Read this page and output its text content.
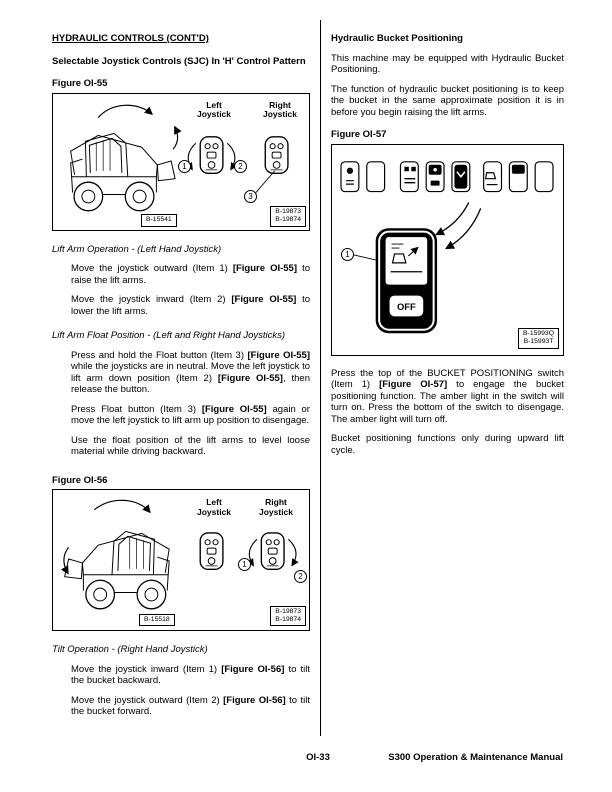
HYDRAULIC CONTROLS (CONT'D)
Selectable Joystick Controls (SJC) In 'H' Control Pattern
Figure OI-55
Left Joystick
Right Joystick
1	2
3
B-15541
B-19873
B-19874

Lift Arm Operation - (Left Hand Joystick)

Move the joystick outward (Item 1) [Figure OI-55] to raise the lift arms.

Move the joystick inward (Item 2) [Figure OI-55] to lower the lift arms.

Lift Arm Float Position - (Left and Right Hand Joysticks)

Press and hold the Float button (Item 3) [Figure OI-55] while the joysticks are in neutral. Move the left joystick to lift arm down position (Item 2) [Figure OI-55], then release the button.

Press Float button (Item 3) [Figure OI-55] again or move the left joystick to lift arm up position to disengage.

Use the float position of the lift arms to level loose material while driving backward.

Figure OI-56
Left Joystick
Right Joystick
1
2
B-15518
B-19873
B-19874

Tilt Operation - (Right Hand Joystick)

Move the joystick inward (Item 1) [Figure OI-56] to tilt the bucket backward.

Move the joystick outward (Item 2) [Figure OI-56] to tilt the bucket forward.

Hydraulic Bucket Positioning

This machine may be equipped with Hydraulic Bucket Positioning.

The function of hydraulic bucket positioning is to keep the bucket in the same approximate position it is in before you begin raising the lift arms.

Figure OI-57
OFF
1
B-15993Q
B-15993T

Press the top of the BUCKET POSITIONING switch (Item 1) [Figure OI-57] to engage the bucket positioning function. The amber light in the switch will turn on. Press the bottom of the switch to disengage. The amber light will turn off.

Bucket positioning functions only during upward lift cycle.

OI-33	S300 Operation & Maintenance Manual
